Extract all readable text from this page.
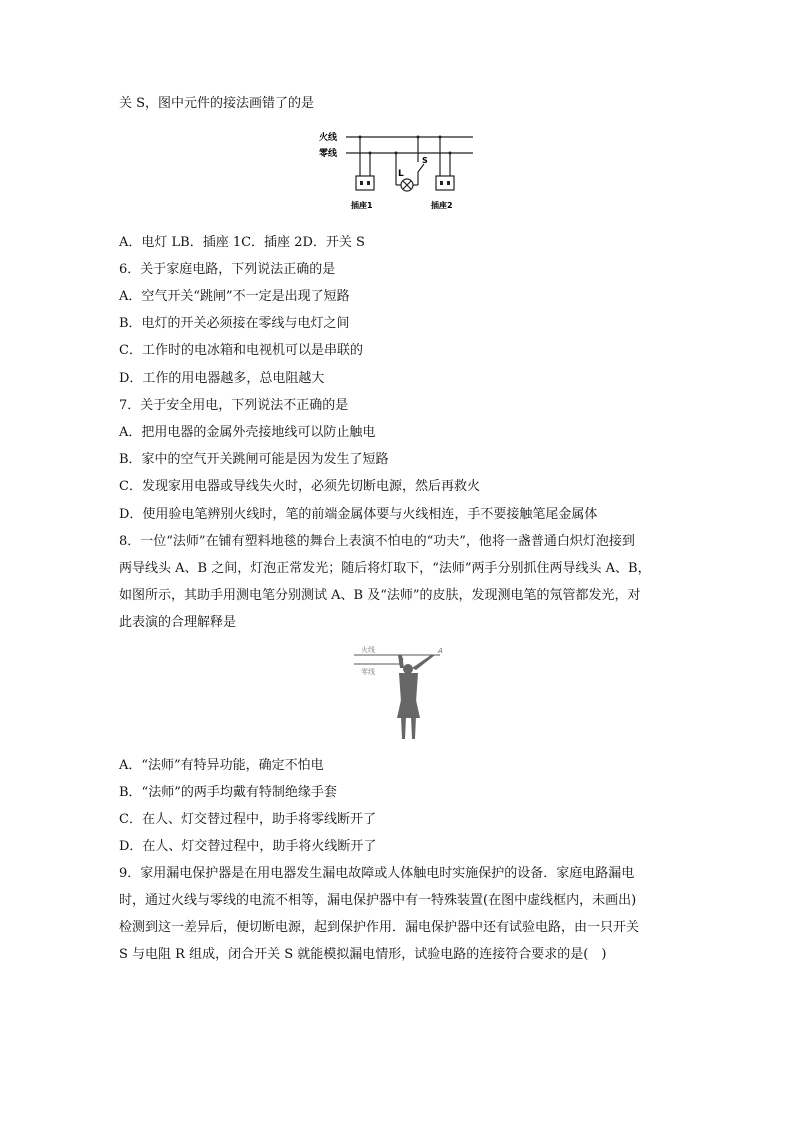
关 S，图中元件的接法画错了的是
火线
零线
L
S
插座1	插座2
A．电灯 LB．插座 1C．插座 2D．开关 S
6．关于家庭电路，下列说法正确的是
A．空气开关“跳闸”不一定是出现了短路
B．电灯的开关必须接在零线与电灯之间
C．工作时的电冰箱和电视机可以是串联的
D．工作的用电器越多，总电阻越大
7．关于安全用电，下列说法不正确的是
A．把用电器的金属外壳接地线可以防止触电
B．家中的空气开关跳闸可能是因为发生了短路
C．发现家用电器或导线失火时，必须先切断电源，然后再救火
D．使用验电笔辨别火线时，笔的前端金属体要与火线相连，手不要接触笔尾金属体
8．一位“法师”在铺有塑料地毯的舞台上表演不怕电的“功夫”，他将一盏普通白炽灯泡接到
两导线头 A、B 之间，灯泡正常发光；随后将灯取下，“法师”两手分别抓住两导线头 A、B，
如图所示，其助手用测电笔分别测试 A、B 及“法师”的皮肤，发现测电笔的氖管都发光，对
此表演的合理解释是
火线
零线
A
B
A．“法师”有特异功能，确定不怕电
B．“法师”的两手均戴有特制绝缘手套
C．在人、灯交替过程中，助手将零线断开了
D．在人、灯交替过程中，助手将火线断开了
9．家用漏电保护器是在用电器发生漏电故障或人体触电时实施保护的设备．家庭电路漏电
时，通过火线与零线的电流不相等，漏电保护器中有一特殊装置(在图中虚线框内，未画出)
检测到这一差异后，便切断电源，起到保护作用．漏电保护器中还有试验电路，由一只开关
S 与电阻 R 组成，闭合开关 S 就能模拟漏电情形，试验电路的连接符合要求的是(　)
